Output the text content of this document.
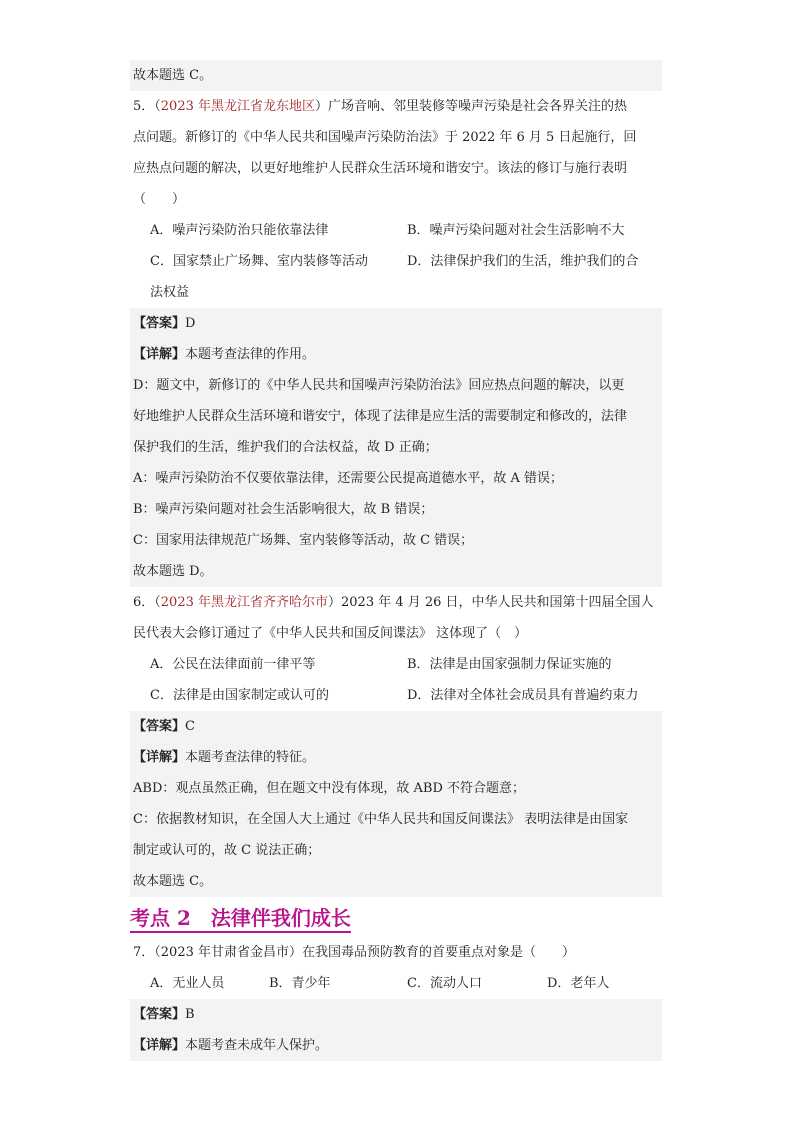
故本题选 C。
5．（2023 年黑龙江省龙东地区）广场音响、邻里装修等噪声污染是社会各界关注的热
点问题。新修订的《中华人民共和国噪声污染防治法》于 2022 年 6 月 5 日起施行，回
应热点问题的解决，以更好地维护人民群众生活环境和谐安宁。该法的修订与施行表明
（　　）
A．噪声污染防治只能依靠法律	B．噪声污染问题对社会生活影响不大
C．国家禁止广场舞、室内装修等活动	D．法律保护我们的生活，维护我们的合
法权益
【答案】D
【详解】本题考查法律的作用。
D：题文中，新修订的《中华人民共和国噪声污染防治法》回应热点问题的解决，以更
好地维护人民群众生活环境和谐安宁，体现了法律是应生活的需要制定和修改的，法律
保护我们的生活，维护我们的合法权益，故 D 正确；
A：噪声污染防治不仅要依靠法律，还需要公民提高道德水平，故 A 错误；
B：噪声污染问题对社会生活影响很大，故 B 错误；
C：国家用法律规范广场舞、室内装修等活动，故 C 错误；
故本题选 D。
6．（2023 年黑龙江省齐齐哈尔市）2023 年 4 月 26 日，中华人民共和国第十四届全国人
民代表大会修订通过了《中华人民共和国反间谍法》 这体现了（　）
A．公民在法律面前一律平等	B．法律是由国家强制力保证实施的
C．法律是由国家制定或认可的	D．法律对全体社会成员具有普遍约束力
【答案】C
【详解】本题考查法律的特征。
ABD：观点虽然正确，但在题文中没有体现，故 ABD 不符合题意；
C：依据教材知识，在全国人大上通过《中华人民共和国反间谍法》 表明法律是由国家
制定或认可的，故 C 说法正确；
故本题选 C。
考点 2　法律伴我们成长
7．（2023 年甘肃省金昌市）在我国毒品预防教育的首要重点对象是（　　）
A．无业人员	B．青少年	C．流动人口	D．老年人
【答案】B
【详解】本题考查未成年人保护。
